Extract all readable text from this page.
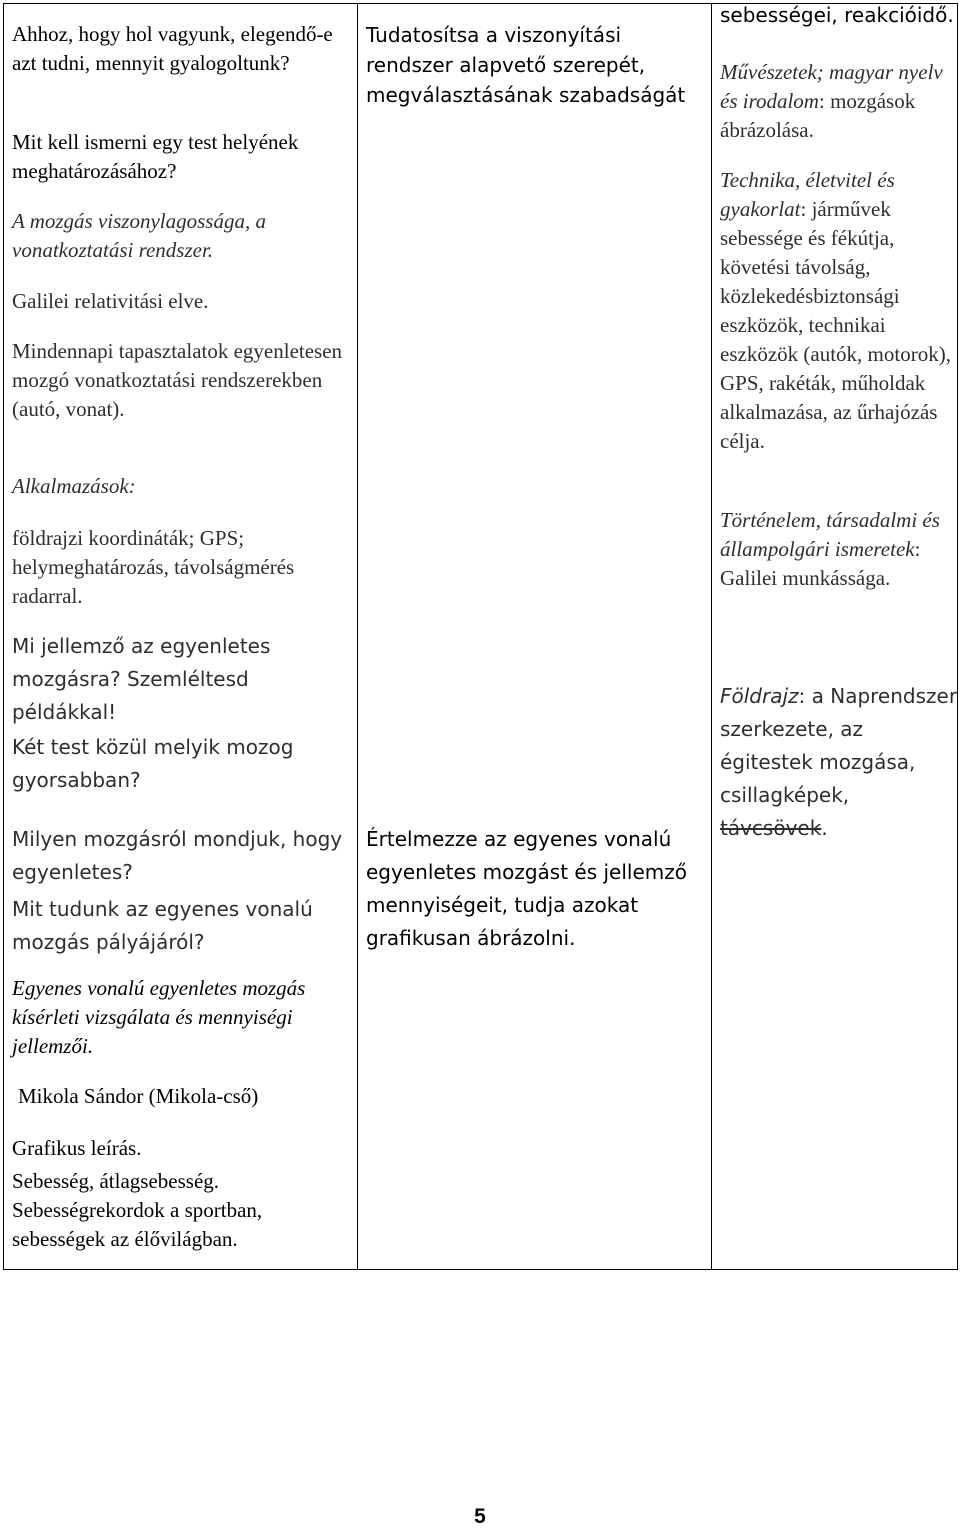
Ahhoz, hogy hol vagyunk, elegendő-e azt tudni, mennyit gyalogoltunk?
Mit kell ismerni egy test helyének meghatározásához?
A mozgás viszonylagossága, a vonatkoztatási rendszer.
Galilei relativitási elve.
Mindennapi tapasztalatok egyenletesen mozgó vonatkoztatási rendszerekben (autó, vonat).
Alkalmazások:
földrajzi koordináták; GPS; helymeghatározás, távolságmérés radarral.
Mi jellemző az egyenletes mozgásra? Szemléltesd példákkal!
Két test közül melyik mozog gyorsabban?
Milyen mozgásról mondjuk, hogy egyenletes?
Mit tudunk az egyenes vonalú mozgás pályájáról?
Egyenes vonalú egyenletes mozgás kísérleti vizsgálata és mennyiségi jellemzői.
Mikola Sándor (Mikola-cső)
Grafikus leírás.
Sebesség, átlagsebesség.
Sebességrekordok a sportban, sebességek az élővilágban.
Tudatosítsa a viszonyítási rendszer alapvető szerepét, megválasztásának szabadságát
Értelmezze az egyenes vonalú egyenletes mozgást és jellemző mennyiségeit, tudja azokat grafikusan ábrázolni.
sebességei, reakcióidő.
Művészetek; magyar nyelv és irodalom: mozgások ábrázolása.
Technika, életvitel és gyakorlat: járművek sebessége és fékútja, követési távolság, közlekedésbiztonsági eszközök, technikai eszközök (autók, motorok), GPS, rakéták, műholdak alkalmazása, az űrhajózás célja.
Történelem, társadalmi és állampolgári ismeretek: Galilei munkássága.
Földrajz: a Naprendszer szerkezete, az égitestek mozgása, csillagképek, távcsövek.
5
